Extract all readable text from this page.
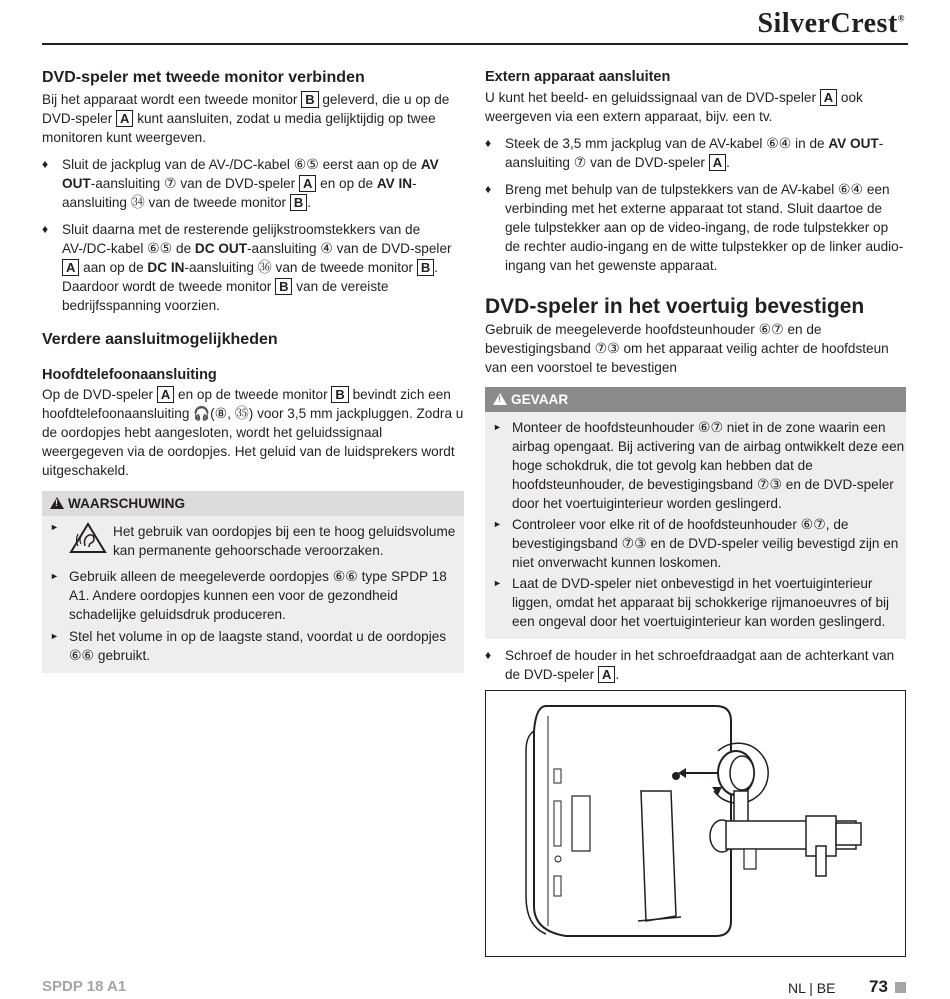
SilverCrest®
DVD-speler met tweede monitor verbinden

Bij het apparaat wordt een tweede monitor B geleverd, die u op de DVD-speler A kunt aansluiten, zodat u media gelijktijdig op twee monitoren kunt weergeven.

♦ Sluit de jackplug van de AV-/DC-kabel ⑥⑤ eerst aan op de AV OUT-aansluiting ⑦ van de DVD-speler A en op de AV IN-aansluiting ㉞ van de tweede monitor B .

♦ Sluit daarna met de resterende gelijkstroomstekkers van de AV-/DC-kabel ⑥⑤ de DC OUT-aansluiting ④ van de DVD-speler A aan op de DC IN-aansluiting ㊱ van de tweede monitor B . Daardoor wordt de tweede monitor B van de vereiste bedrijfsspanning voorzien.

Verdere aansluitmogelijkheden
Hoofdtelefoonaansluiting

Op de DVD-speler A en op de tweede monitor B bevindt zich een hoofdtelefoonaansluiting 🎧(⑧, ㉟) voor 3,5 mm jackpluggen. Zodra u de oordopjes hebt aangesloten, wordt het geluidssignaal weergegeven via de oordopjes. Het geluid van de luidsprekers wordt uitgeschakeld.

!WAARSCHUWING

► Het gebruik van oordopjes bij een te hoog geluidsvolume kan permanente gehoorschade veroorzaken.

► Gebruik alleen de meegeleverde oordopjes ⑥⑥ type SPDP 18 A1. Andere oordopjes kunnen een voor de gezondheid schadelijke geluidsdruk produceren.

► Stel het volume in op de laagste stand, voordat u de oordopjes ⑥⑥ gebruikt.

Extern apparaat aansluiten

U kunt het beeld- en geluidssignaal van de DVD-speler A ook weergeven via een extern apparaat, bijv. een tv.

♦ Steek de 3,5 mm jackplug van de AV-kabel ⑥④ in de AV OUT-aansluiting ⑦ van de DVD-speler A .

♦ Breng met behulp van de tulpstekkers van de AV-kabel ⑥④ een verbinding met het externe apparaat tot stand. Sluit daartoe de gele tulpstekker aan op de video-ingang, de rode tulpstekker op de rechter audio-ingang en de witte tulpstekker op de linker audio-ingang van het gewenste apparaat.

DVD-speler in het voertuig bevestigen

Gebruik de meegeleverde hoofdsteunhouder ⑥⑦ en de bevestigingsband ⑦③ om het apparaat veilig achter de hoofdsteun van een voorstoel te bevestigen

!GEVAAR

► Monteer de hoofdsteunhouder ⑥⑦ niet in de zone waarin een airbag opengaat. Bij activering van de airbag ontwikkelt deze een hoge schokdruk, die tot gevolg kan hebben dat de hoofdsteunhouder, de bevestigingsband ⑦③ en de DVD-speler door het voertuiginterieur worden geslingerd.

► Controleer voor elke rit of de hoofdsteunhouder ⑥⑦, de bevestigingsband ⑦③ en de DVD-speler veilig bevestigd zijn en niet onverwacht kunnen loskomen.

► Laat de DVD-speler niet onbevestigd in het voertuiginterieur liggen, omdat het apparaat bij schokkerige rijmanoeuvres of bij een ongeval door het voertuiginterieur kan worden geslingerd.

♦ Schroef de houder in het schroefdraadgat aan de achterkant van de DVD-speler A .

SPDP 18 A1	NL | BE 73
